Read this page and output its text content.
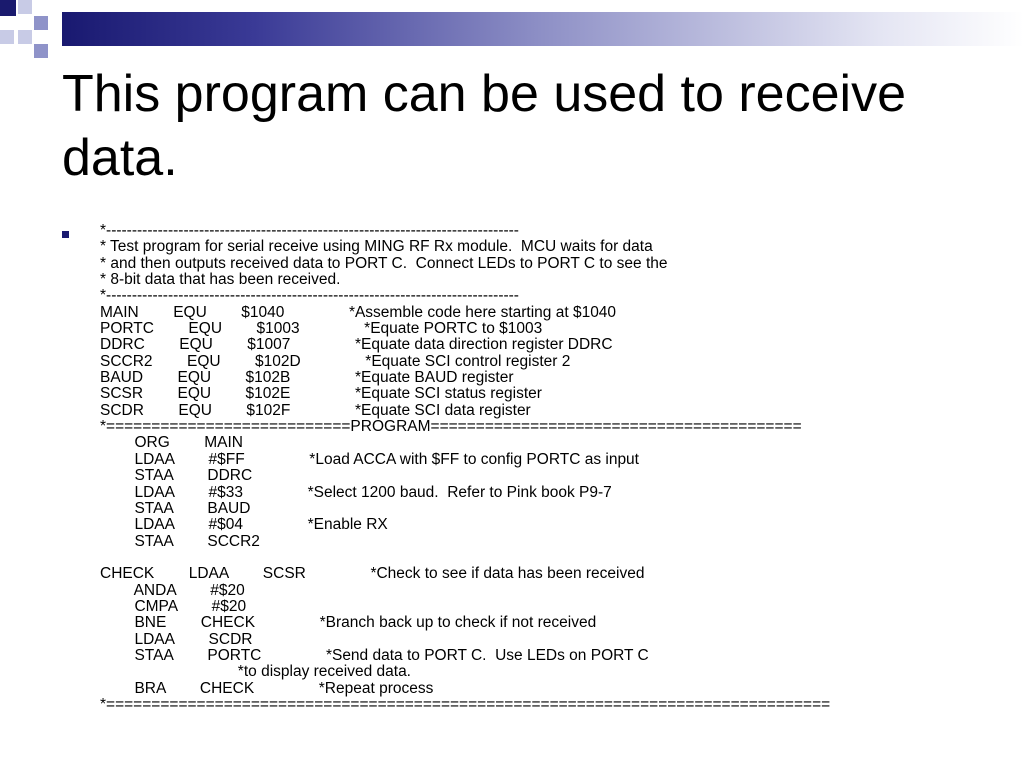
This program can be used to receive data.
*--------------------------------------------------------------------------------
* Test program for serial receive using MING RF Rx module.  MCU waits for data
* and then outputs received data to PORT C.  Connect LEDs to PORT C to see the
* 8-bit data that has been received.
*--------------------------------------------------------------------------------
MAIN        EQU        $1040               *Assemble code here starting at $1040
PORTC        EQU        $1003               *Equate PORTC to $1003
DDRC        EQU        $1007               *Equate data direction register DDRC
SCCR2        EQU        $102D               *Equate SCI control register 2
BAUD        EQU        $102B               *Equate BAUD register
SCSR        EQU        $102E               *Equate SCI status register
SCDR        EQU        $102F               *Equate SCI data register
*===========================PROGRAM=========================================
ORG        MAIN
LDAA        #$FF               *Load ACCA with $FF to config PORTC as input
STAA        DDRC
LDAA        #$33               *Select 1200 baud.  Refer to Pink book P9-7
STAA        BAUD
LDAA        #$04               *Enable RX
STAA        SCCR2

CHECK        LDAA        SCSR               *Check to see if data has been received
ANDA        #$20
CMPA        #$20
BNE        CHECK               *Branch back up to check if not received
LDAA        SCDR
STAA        PORTC               *Send data to PORT C.  Use LEDs on PORT C
*to display received data.
BRA        CHECK               *Repeat process
*================================================================================
